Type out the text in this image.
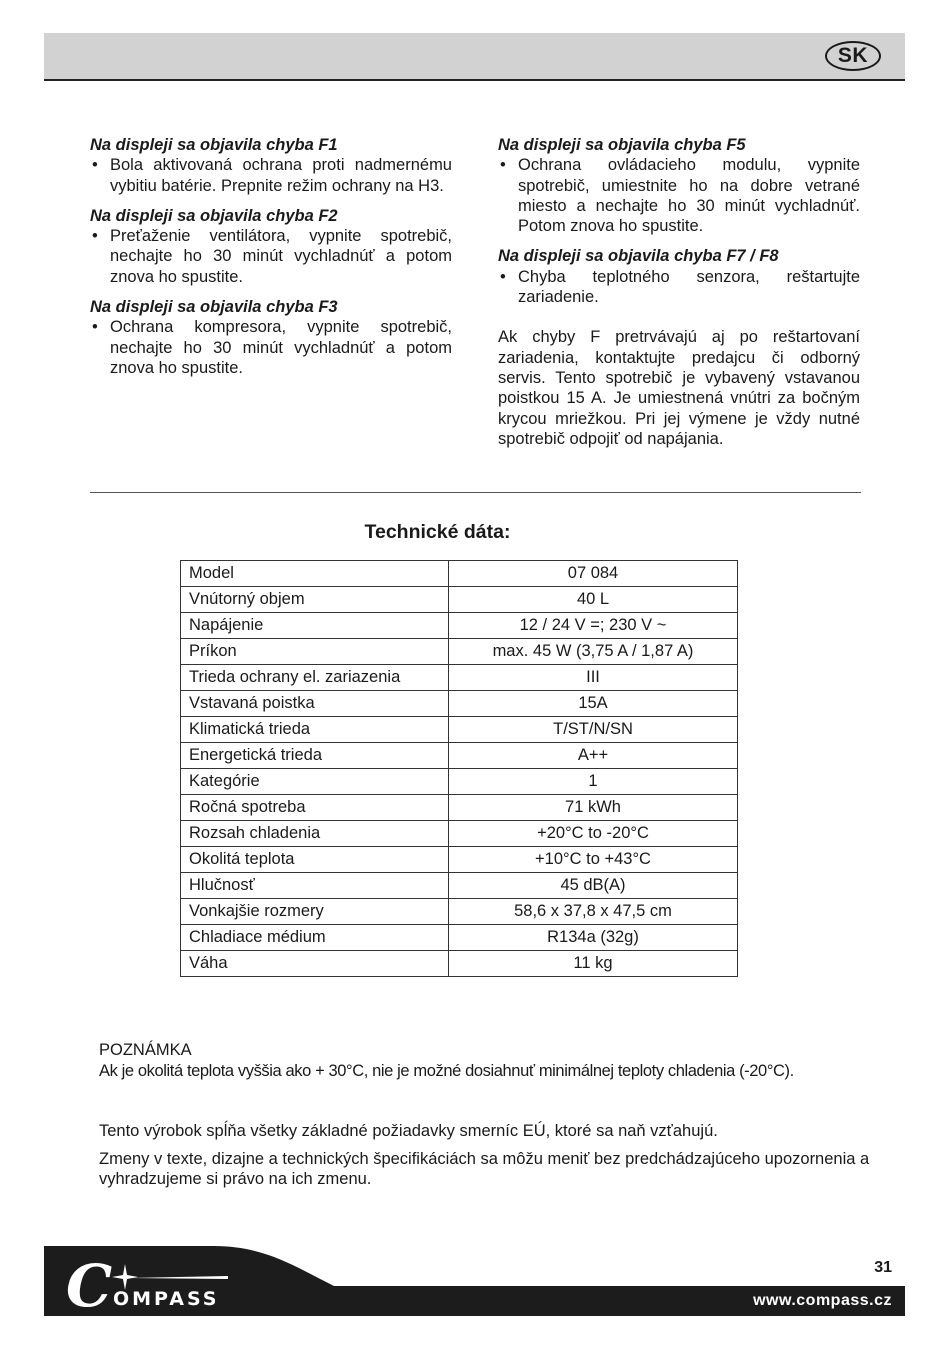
SK

Na displeji sa objavila chyba F1

• Bola aktivovaná ochrana proti nadmernému vybitiu batérie. Prepnite režim ochrany na H3.

Na displeji sa objavila chyba F2

• Preťaženie ventilátora, vypnite spotrebič, nechajte ho 30 minút vychladnúť a potom znova ho spustite.

Na displeji sa objavila chyba F3

• Ochrana kompresora, vypnite spotrebič, nechajte ho 30 minút vychladnúť a potom znova ho spustite.

Na displeji sa objavila chyba F5

• Ochrana ovládacieho modulu, vypnite spotrebič, umiestnite ho na dobre vetrané miesto a nechajte ho 30 minút vychladnúť. Potom znova ho spustite.

Na displeji sa objavila chyba F7 / F8

• Chyba teplotného senzora, reštartujte zariadenie.

Ak chyby F pretrvávajú aj po reštartovaní zariadenia, kontaktujte predajcu či odborný servis. Tento spotrebič je vybavený vstavanou poistkou 15 A. Je umiestnená vnútri za bočným krycou mriežkou. Pri jej výmene je vždy nutné spotrebič odpojiť od napájania.

Technické dáta:
Model	07 084
Vnútorný objem	40 L
Napájenie	12 / 24 V =; 230 V ~
Príkon	max. 45 W (3,75 A / 1,87 A)
Trieda ochrany el. zariazenia	III
Vstavaná poistka	15A
Klimatická trieda	T/ST/N/SN
Energetická trieda	A++
Kategórie	1
Ročná spotreba	71 kWh
Rozsah chladenia	+20°C to -20°C
Okolitá teplota	+10°C to +43°C
Hlučnosť	45 dB(A)
Vonkajšie rozmery	58,6 x 37,8 x 47,5 cm
Chladiace médium	R134a (32g)
Váha	11 kg

POZNÁMKA

Ak je okolitá teplota vyššia ako + 30°C, nie je možné dosiahnuť minimálnej teploty chladenia (-20°C).

Tento výrobok spĺňa všetky základné požiadavky smerníc EÚ, ktoré sa naň vzťahujú.

Zmeny v texte, dizajne a technických špecifikáciách sa môžu meniť bez predchádzajúceho upozornenia a vyhradzujeme si právo na ich zmenu.

C OMPASS
31
www.compass.cz
